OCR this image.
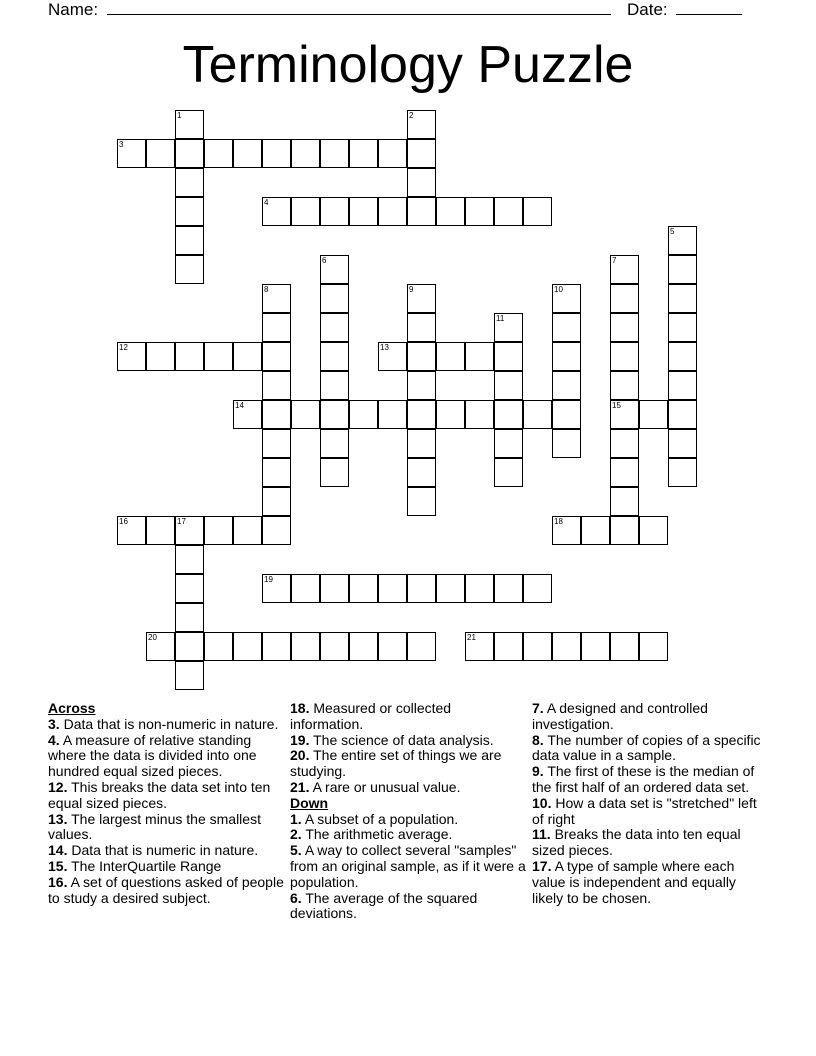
Name:	Date:
Terminology Puzzle
1	2
3
4
5
6	7
15
8	9	10
11
12	13
14
16	17	18
19
20	21
Across
3. Data that is non-numeric in nature.
4. A measure of relative standing where the data is divided into one hundred equal sized pieces.
12. This breaks the data set into ten equal sized pieces.
13. The largest minus the smallest values.
14. Data that is numeric in nature.
15. The InterQuartile Range
16. A set of questions asked of people to study a desired subject.
18. Measured or collected information.
19. The science of data analysis.
20. The entire set of things we are studying.
21. A rare or unusual value.
Down
1. A subset of a population.
2. The arithmetic average.
5. A way to collect several "samples" from an original sample, as if it were a population.
6. The average of the squared deviations.
7. A designed and controlled investigation.
8. The number of copies of a specific data value in a sample.
9. The first of these is the median of the first half of an ordered data set.
10. How a data set is "stretched" left of right
11. Breaks the data into ten equal sized pieces.
17. A type of sample where each value is independent and equally likely to be chosen.
